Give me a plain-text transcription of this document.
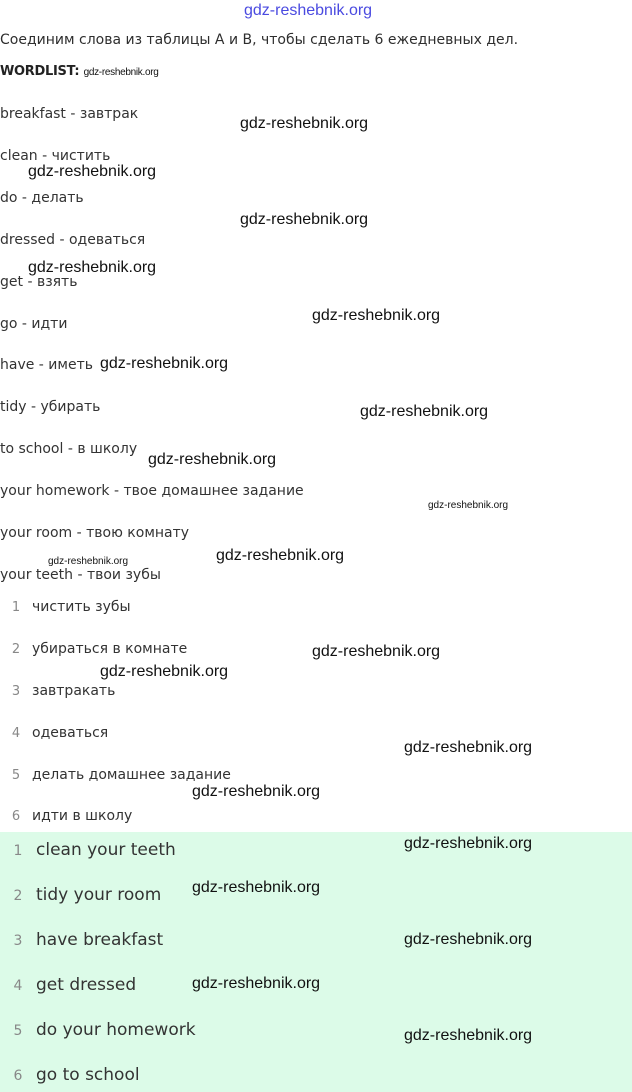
gdz-reshebnik.org
Соединим слова из таблицы А и В, чтобы сделать 6 ежедневных дел.
WORDLIST: gdz-reshebnik.org
breakfast - завтрак
clean - чистить
do - делать
dressed - одеваться
get - взять
go - идти
have - иметь
tidy - убирать
to school - в школу
your homework - твое домашнее задание
your room - твою комнату
your teeth - твои зубы
1 чистить зубы
2 убираться в комнате
3 завтракать
4 одеваться
5 делать домашнее задание
6 идти в школу
1 clean your teeth
2 tidy your room
3 have breakfast
4 get dressed
5 do your homework
6 go to school
gdz-reshebnik.org
gdz-reshebnik.org
gdz-reshebnik.org
gdz-reshebnik.org
gdz-reshebnik.org
gdz-reshebnik.org
gdz-reshebnik.org
gdz-reshebnik.org
gdz-reshebnik.org
gdz-reshebnik.org	gdz-reshebnik.org
gdz-reshebnik.org
gdz-reshebnik.org
gdz-reshebnik.org
gdz-reshebnik.org
gdz-reshebnik.org
gdz-reshebnik.org
gdz-reshebnik.org
gdz-reshebnik.org
gdz-reshebnik.org
